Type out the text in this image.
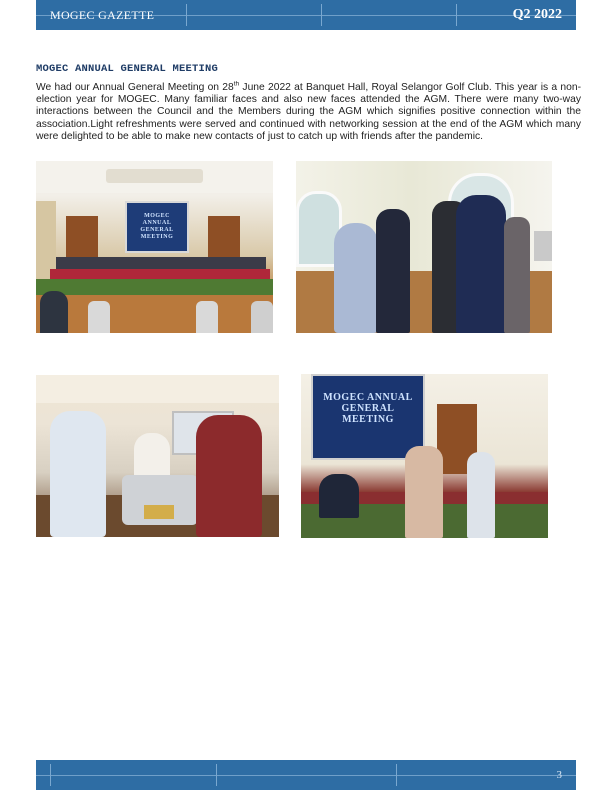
MOGEC GAZETTE	Q2 2022
MOGEC ANNUAL GENERAL MEETING

We had our Annual General Meeting on 28th June 2022 at Banquet Hall, Royal Selangor Golf Club. This year is a non-election year for MOGEC. Many familiar faces and also new faces attended the AGM. There were many two-way interactions between the Council and the Members during the AGM which signifies positive connection within the association.Light refreshments were served and continued with networking session at the end of the AGM which many were delighted to be able to make new contacts of just to catch up with friends after the pandemic.

MOGEC ANNUAL GENERAL MEETING
MOGEC ANNUAL GENERAL MEETING
3
